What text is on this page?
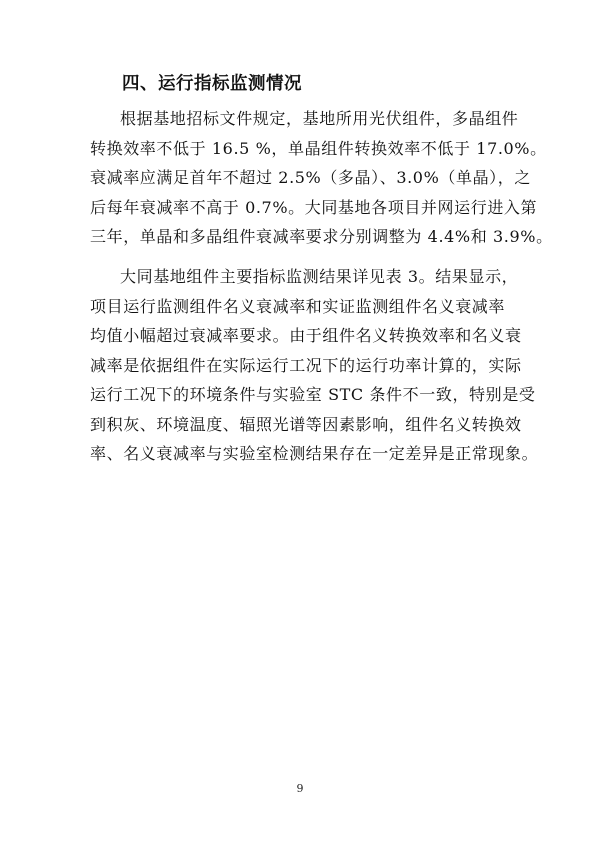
四、运行指标监测情况
根据基地招标文件规定，基地所用光伏组件，多晶组件
转换效率不低于 16.5 %，单晶组件转换效率不低于 17.0%。
衰减率应满足首年不超过 2.5%（多晶）、3.0%（单晶），之
后每年衰减率不高于 0.7%。大同基地各项目并网运行进入第
三年，单晶和多晶组件衰减率要求分别调整为 4.4%和 3.9%。
大同基地组件主要指标监测结果详见表 3。结果显示，
项目运行监测组件名义衰减率和实证监测组件名义衰减率
均值小幅超过衰减率要求。由于组件名义转换效率和名义衰
减率是依据组件在实际运行工况下的运行功率计算的，实际
运行工况下的环境条件与实验室 STC 条件不一致，特别是受
到积灰、环境温度、辐照光谱等因素影响，组件名义转换效
率、名义衰减率与实验室检测结果存在一定差异是正常现象。
9
